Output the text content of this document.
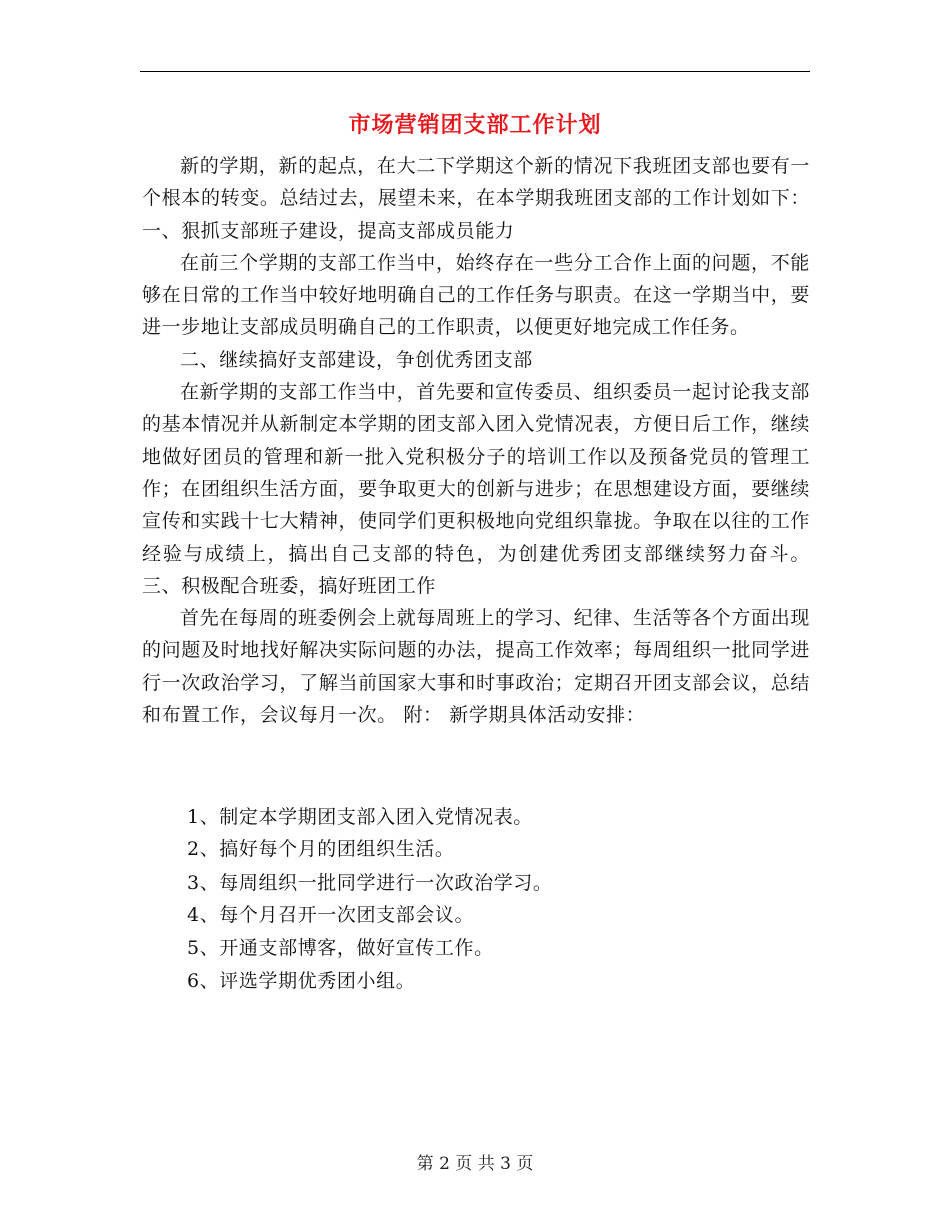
市场营销团支部工作计划

新的学期，新的起点，在大二下学期这个新的情况下我班团支部也要有一个根本的转变。总结过去，展望未来，在本学期我班团支部的工作计划如下： 一、狠抓支部班子建设，提高支部成员能力

在前三个学期的支部工作当中，始终存在一些分工合作上面的问题，不能够在日常的工作当中较好地明确自己的工作任务与职责。在这一学期当中，要进一步地让支部成员明确自己的工作职责，以便更好地完成工作任务。

二、继续搞好支部建设，争创优秀团支部

在新学期的支部工作当中，首先要和宣传委员、组织委员一起讨论我支部的基本情况并从新制定本学期的团支部入团入党情况表，方便日后工作，继续地做好团员的管理和新一批入党积极分子的培训工作以及预备党员的管理工作；在团组织生活方面，要争取更大的创新与进步；在思想建设方面，要继续宣传和实践十七大精神，使同学们更积极地向党组织靠拢。争取在以往的工作经验与成绩上，搞出自己支部的特色，为创建优秀团支部继续努力奋斗。 三、积极配合班委，搞好班团工作

首先在每周的班委例会上就每周班上的学习、纪律、生活等各个方面出现的问题及时地找好解决实际问题的办法，提高工作效率；每周组织一批同学进行一次政治学习，了解当前国家大事和时事政治；定期召开团支部会议，总结和布置工作，会议每月一次。 附： 新学期具体活动安排：

1、制定本学期团支部入团入党情况表。
2、搞好每个月的团组织生活。
3、每周组织一批同学进行一次政治学习。
4、每个月召开一次团支部会议。
5、开通支部博客，做好宣传工作。
6、评选学期优秀团小组。
第 2 页 共 3 页
